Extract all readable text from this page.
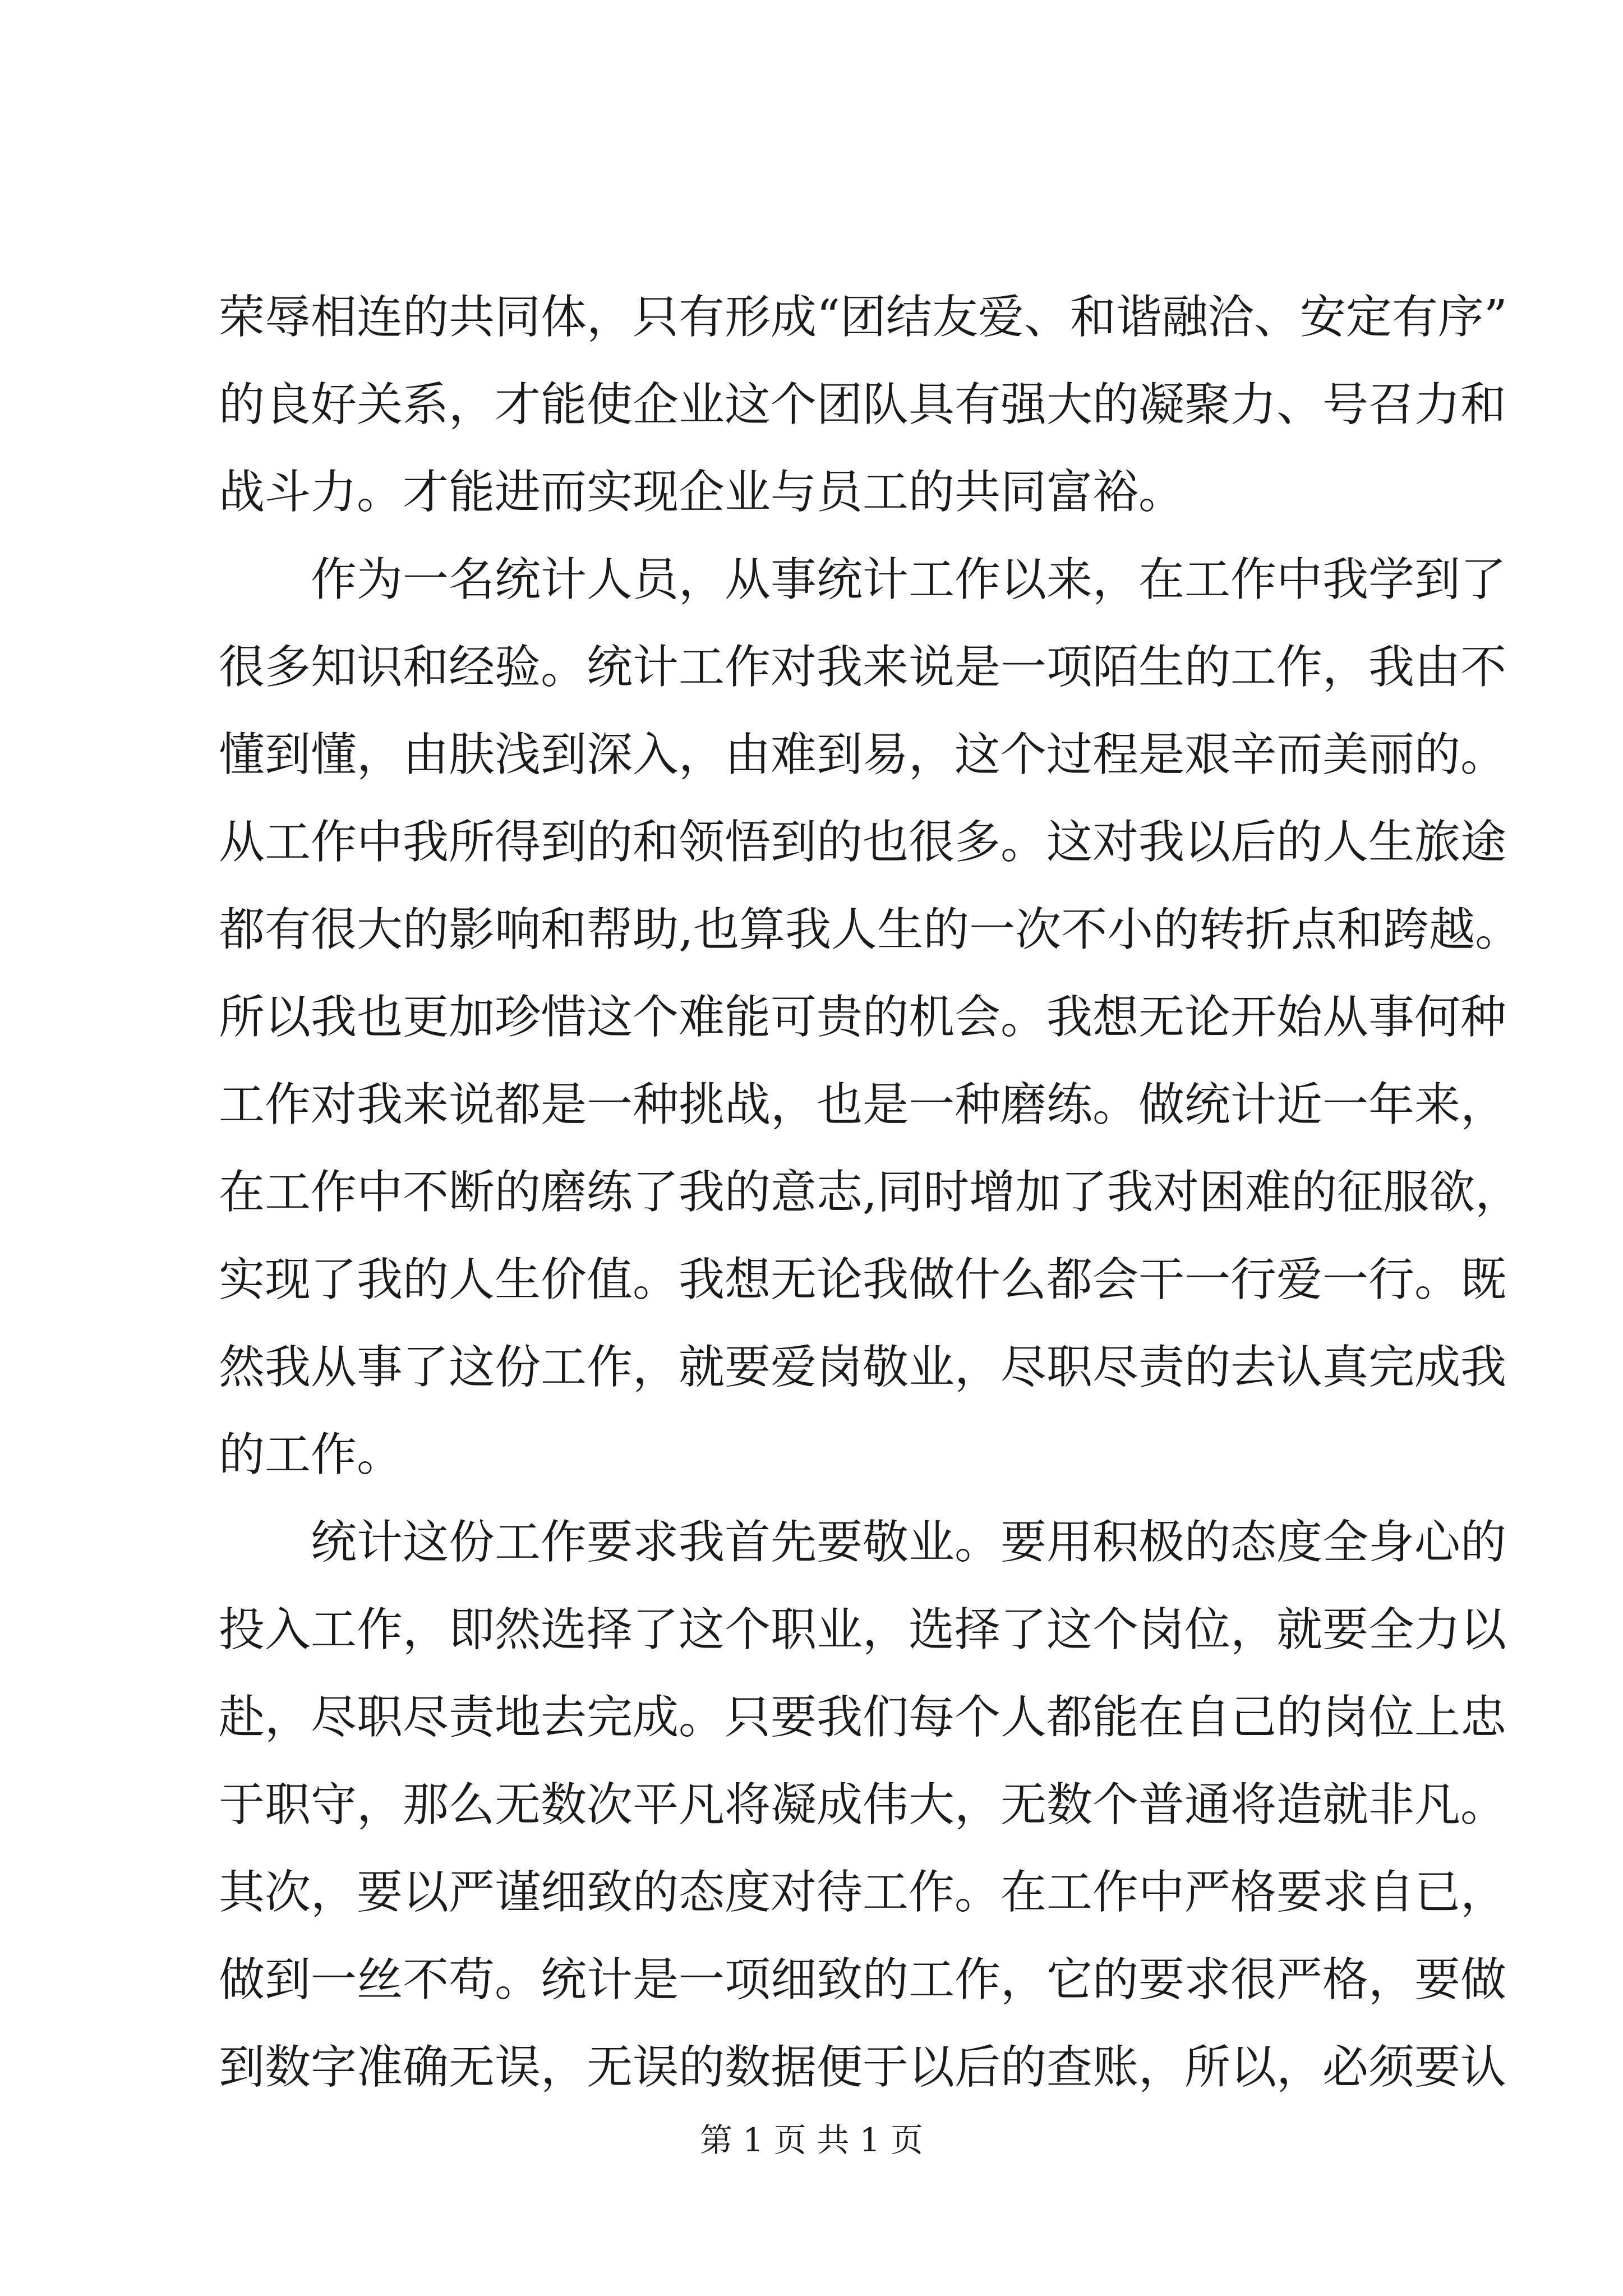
荣辱相连的共同体，只有形成“团结友爱、和谐融洽、安定有序”
的良好关系，才能使企业这个团队具有强大的凝聚力、号召力和
战斗力。才能进而实现企业与员工的共同富裕。
　　作为一名统计人员，从事统计工作以来，在工作中我学到了
很多知识和经验。统计工作对我来说是一项陌生的工作，我由不
懂到懂，由肤浅到深入，由难到易，这个过程是艰辛而美丽的。
从工作中我所得到的和领悟到的也很多。这对我以后的人生旅途
都有很大的影响和帮助,也算我人生的一次不小的转折点和跨越。
所以我也更加珍惜这个难能可贵的机会。我想无论开始从事何种
工作对我来说都是一种挑战，也是一种磨练。做统计近一年来，
在工作中不断的磨练了我的意志,同时增加了我对困难的征服欲，
实现了我的人生价值。我想无论我做什么都会干一行爱一行。既
然我从事了这份工作，就要爱岗敬业，尽职尽责的去认真完成我
的工作。
　　统计这份工作要求我首先要敬业。要用积极的态度全身心的
投入工作，即然选择了这个职业，选择了这个岗位，就要全力以
赴，尽职尽责地去完成。只要我们每个人都能在自己的岗位上忠
于职守，那么无数次平凡将凝成伟大，无数个普通将造就非凡。
其次，要以严谨细致的态度对待工作。在工作中严格要求自已，
做到一丝不苟。统计是一项细致的工作，它的要求很严格，要做
到数字准确无误，无误的数据便于以后的查账，所以，必须要认
第 1 页 共 1 页
